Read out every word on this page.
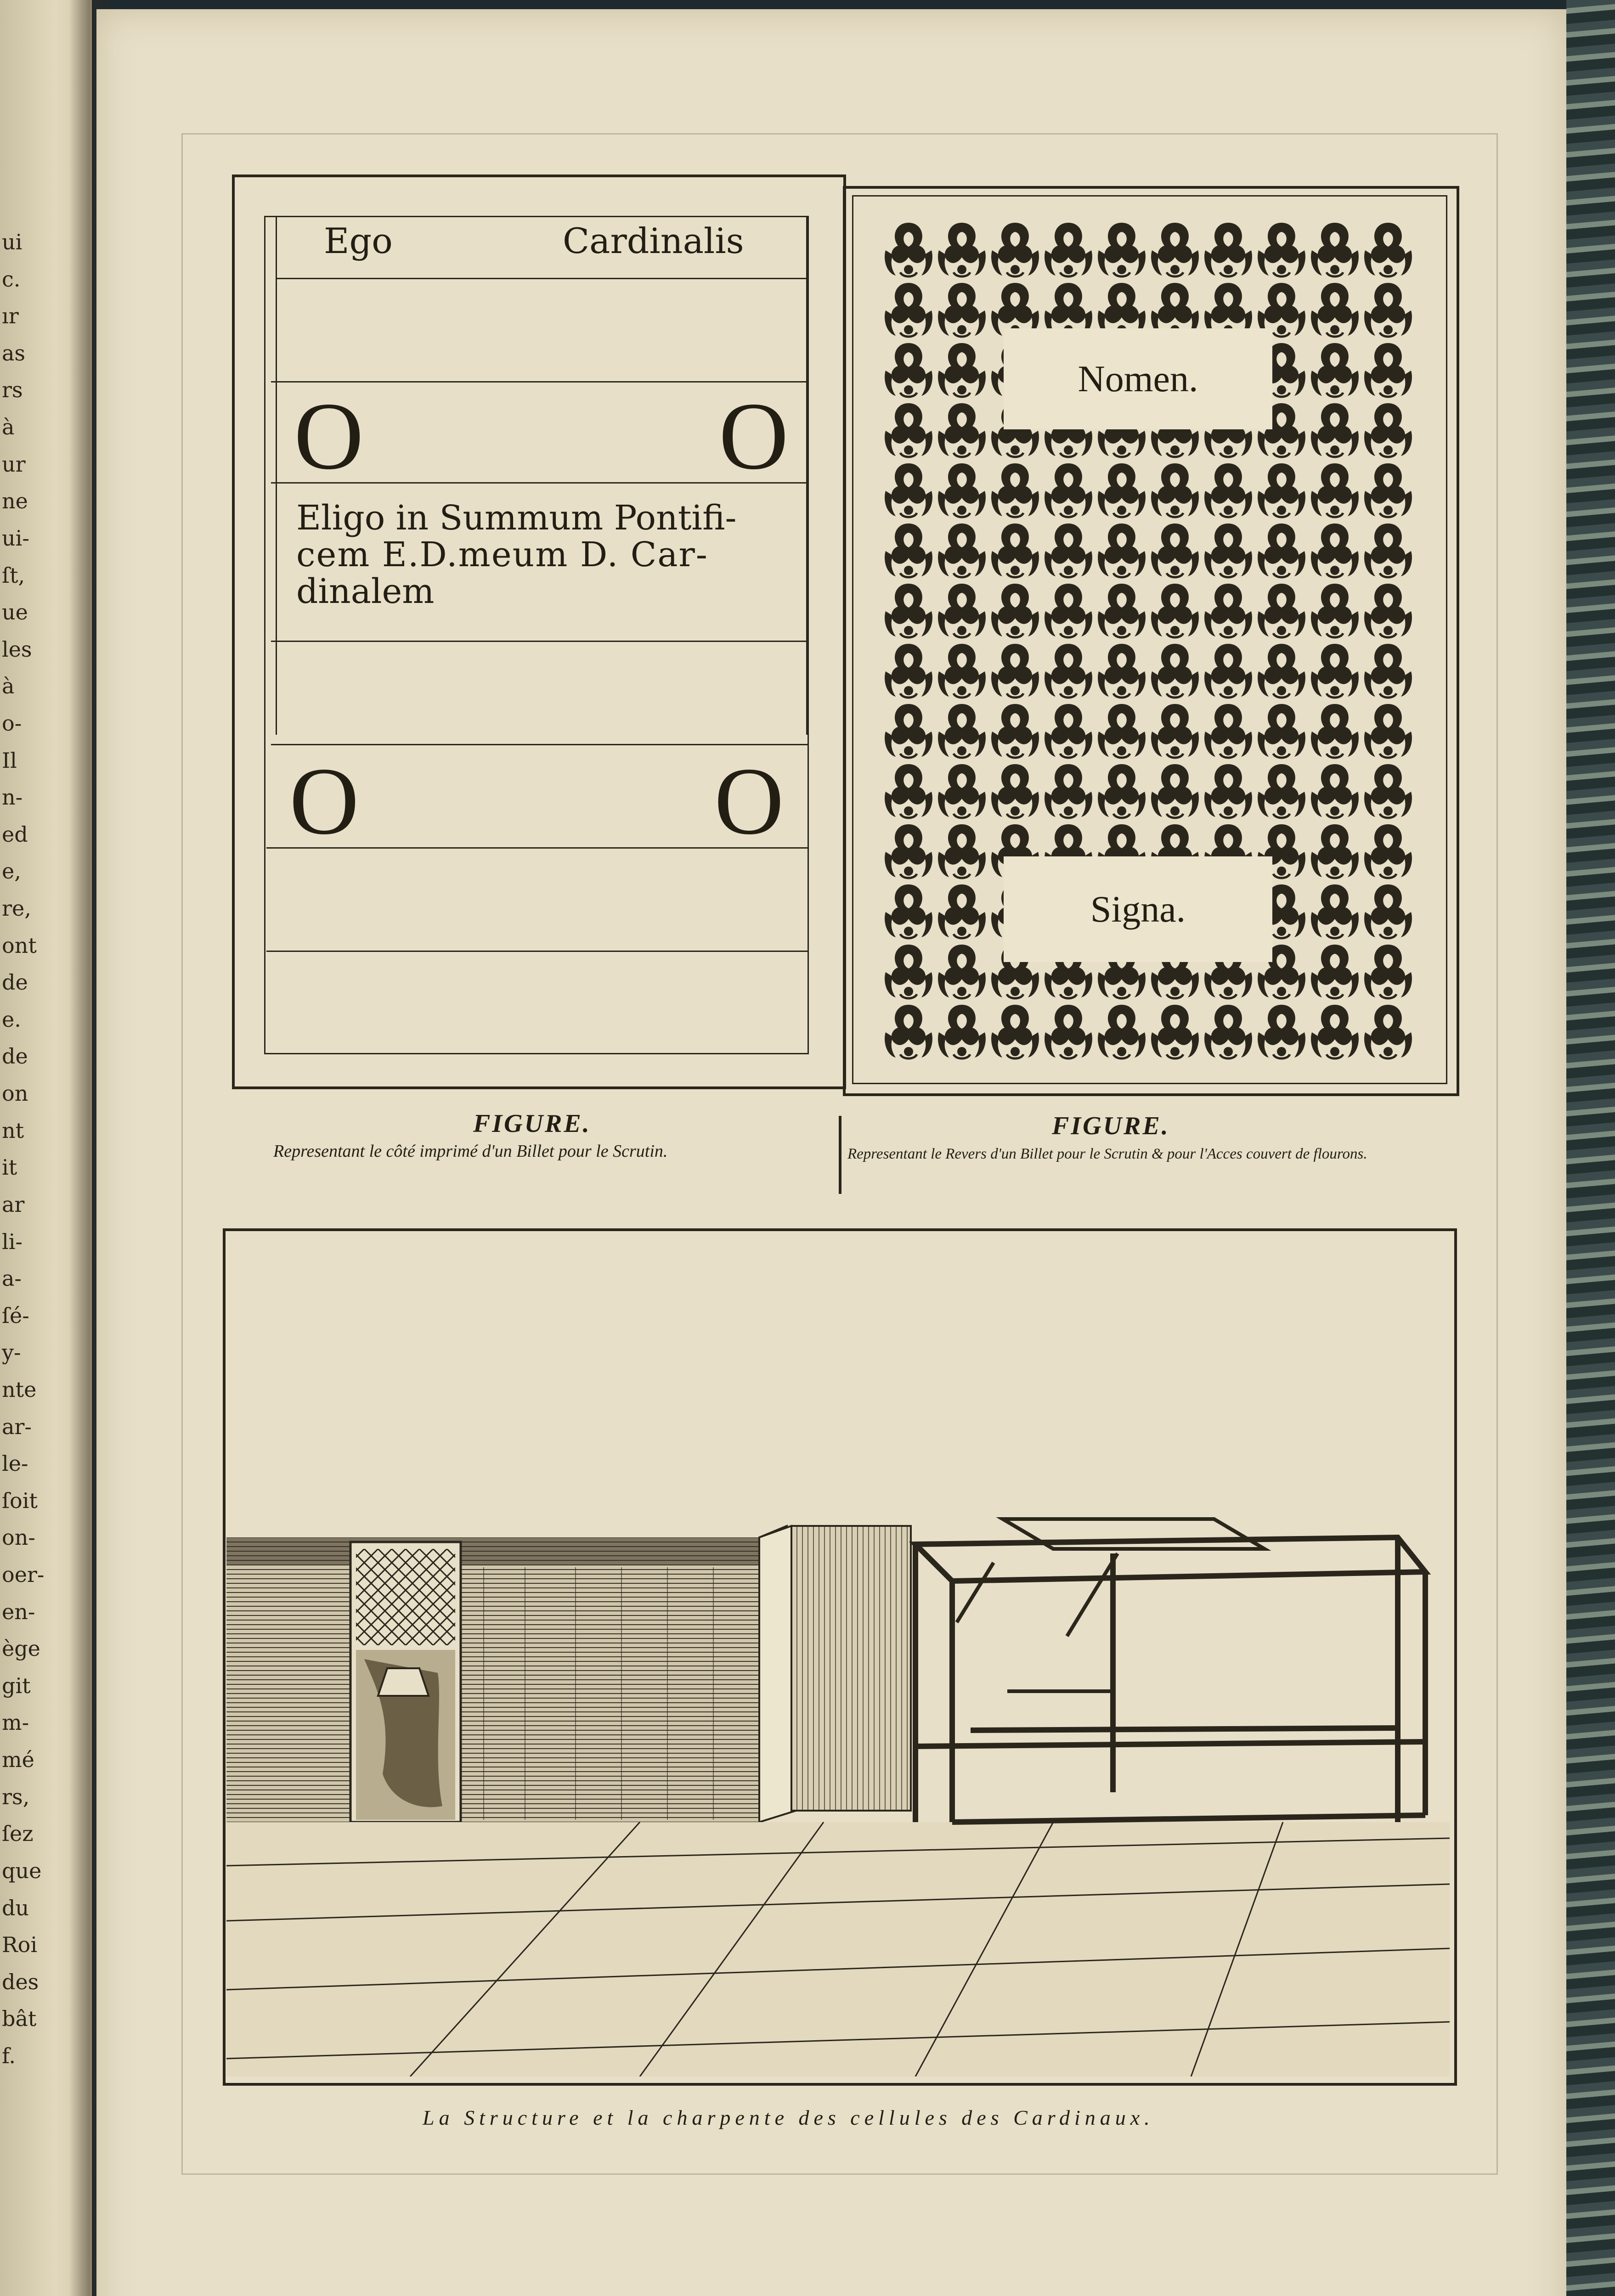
ui
c.
ır
as
rs
à
ur
ne
ui-
ſt,
ue
les
à
o-
Il
n-
ed
e,
re,
ont
de
e.
de
on
nt
it
ar
li-
a-
ſé-
y-
nte
ar-
le-
ſoit
on-
oer-
en-
ège
git
m-
mé
rs,
ſez
que
du
Roi
des
bât
f.
Ego	Cardinalis
O	O
Eligo in Summum Pontifi-
cem E.D.meum D. Car-
dinalem
O	O
Nomen.
Signa.
FIGURE.
Representant le côté imprimé d'un Billet pour le Scrutin.
FIGURE.
Representant le Revers d'un Billet pour le Scrutin & pour l'Acces couvert de flourons.
La Structure et la charpente des cellules des Cardinaux.
